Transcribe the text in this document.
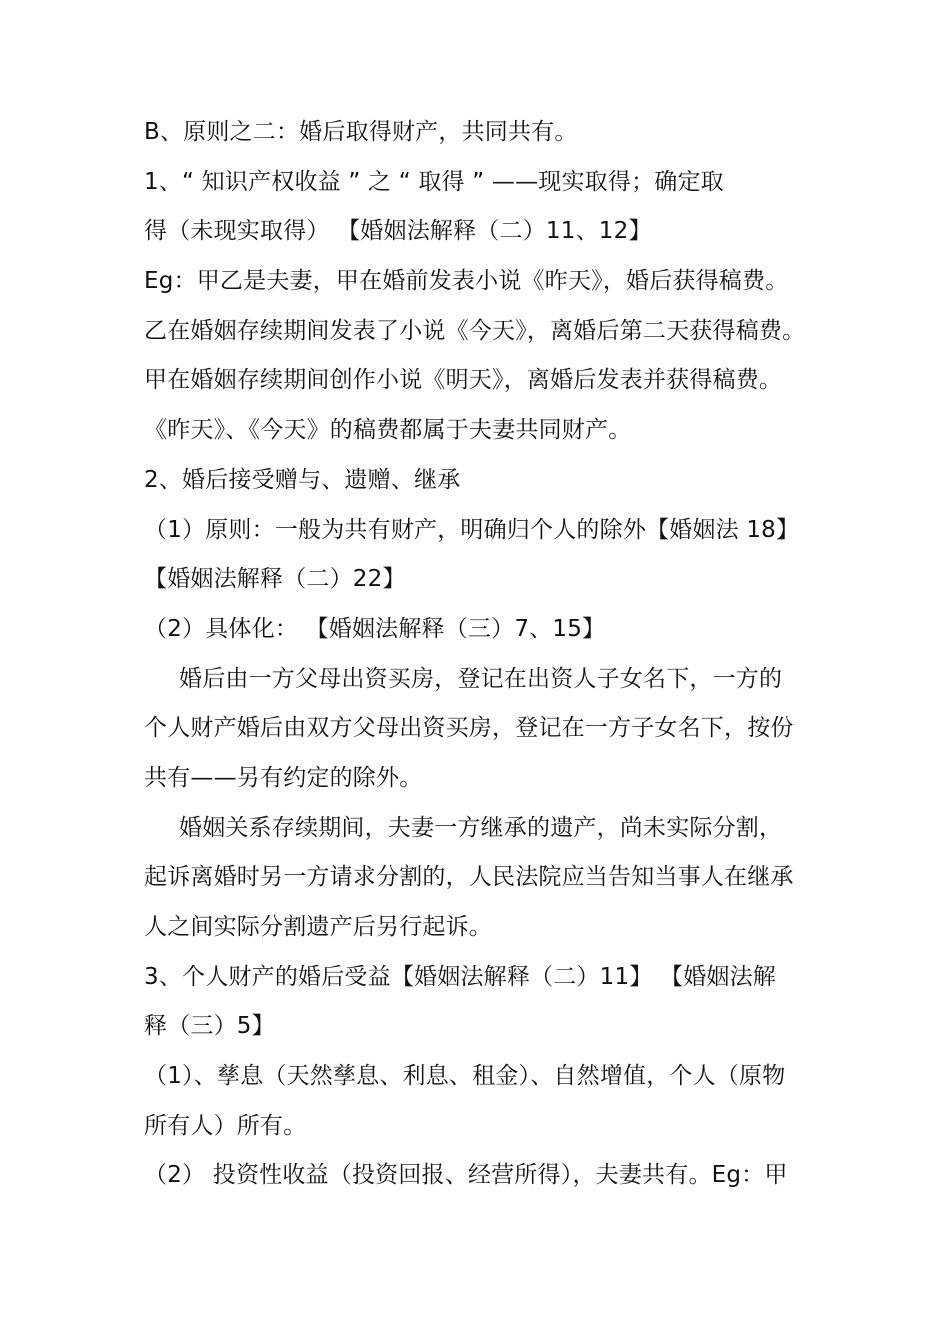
B、原则之二：婚后取得财产，共同共有。
1、“ 知识产权收益 ” 之 “ 取得 ” ——现实取得；确定取
得（未现实取得） 【婚姻法解释（二）11、12】
Eg：甲乙是夫妻，甲在婚前发表小说《昨天》，婚后获得稿费。
乙在婚姻存续期间发表了小说《今天》，离婚后第二天获得稿费。
甲在婚姻存续期间创作小说《明天》，离婚后发表并获得稿费。
《昨天》、《今天》的稿费都属于夫妻共同财产。
2、婚后接受赠与、遗赠、继承
（1）原则：一般为共有财产，明确归个人的除外【婚姻法 18】
【婚姻法解释（二）22】
（2）具体化： 【婚姻法解释（三）7、15】
婚后由一方父母出资买房，登记在出资人子女名下，一方的
个人财产婚后由双方父母出资买房，登记在一方子女名下，按份
共有——另有约定的除外。
婚姻关系存续期间，夫妻一方继承的遗产，尚未实际分割，
起诉离婚时另一方请求分割的，人民法院应当告知当事人在继承
人之间实际分割遗产后另行起诉。
3、个人财产的婚后受益【婚姻法解释（二）11】 【婚姻法解
释（三）5】
（1）、孳息（天然孳息、利息、租金）、自然增值，个人（原物
所有人）所有。
（2） 投资性收益（投资回报、经营所得），夫妻共有。Eg：甲
